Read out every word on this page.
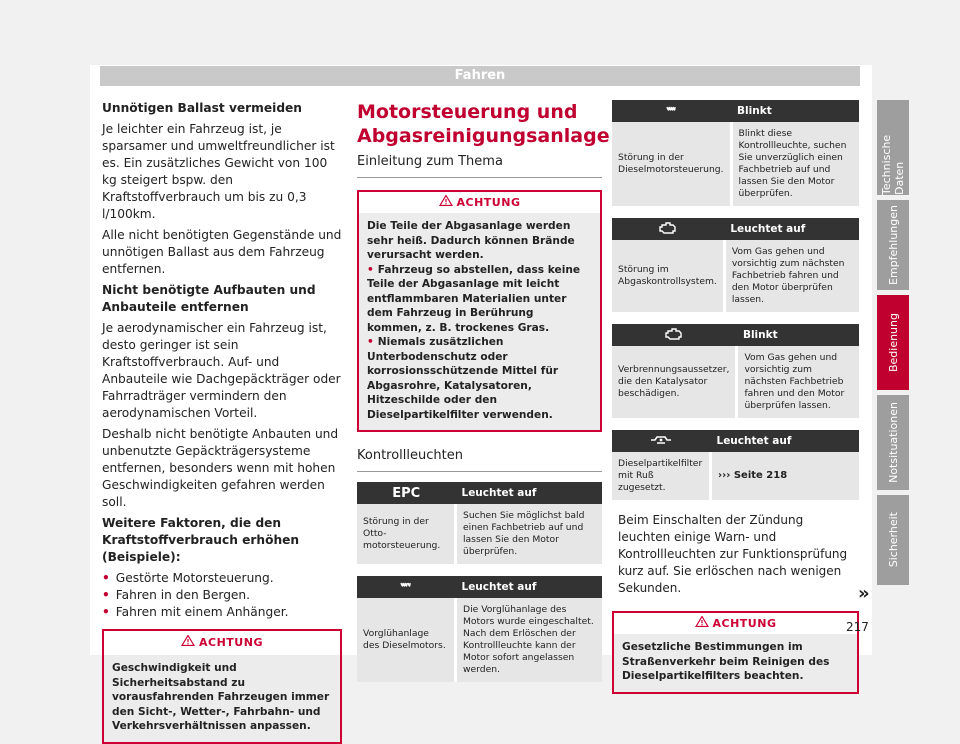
Fahren

Unnötigen Ballast vermeiden

Je leichter ein Fahrzeug ist, je sparsamer und umweltfreundlicher ist es. Ein zusätzliches Gewicht von 100 kg steigert bspw. den Kraftstoffverbrauch um bis zu 0,3 l/100km.

Alle nicht benötigten Gegenstände und unnötigen Ballast aus dem Fahrzeug entfernen.

Nicht benötigte Aufbauten und Anbauteile entfernen

Je aerodynamischer ein Fahrzeug ist, desto geringer ist sein Kraftstoffverbrauch. Auf- und Anbauteile wie Dachgepäckträger oder Fahrradträger vermindern den aerodynamischen Vorteil.

Deshalb nicht benötigte Anbauten und unbenutzte Gepäckträgersysteme entfernen, besonders wenn mit hohen Geschwindigkeiten gefahren werden soll.

Weitere Faktoren, die den Kraftstoffverbrauch erhöhen (Beispiele):

• Gestörte Motorsteuerung.
• Fahren in den Bergen.
• Fahren mit einem Anhänger.
ACHTUNG
Geschwindigkeit und Sicherheitsabstand zu vorausfahrenden Fahrzeugen immer den Sicht-, Wetter-, Fahrbahn- und Verkehrsverhältnissen anpassen.
Motorsteuerung und Abgasreinigungsanlage
Einleitung zum Thema
ACHTUNG
Die Teile der Abgasanlage werden sehr heiß. Dadurch können Brände verursacht werden.
• Fahrzeug so abstellen, dass keine Teile der Abgasanlage mit leicht entflammbaren Materialien unter dem Fahrzeug in Berührung kommen, z. B. trockenes Gras.
• Niemals zusätzlichen Unterbodenschutz oder korrosionsschützende Mittel für Abgasrohre, Katalysatoren, Hitzeschilde oder den Dieselpartikelfilter verwenden.
Kontrollleuchten
EPC	Leuchtet auf
Störung in der Otto-motorsteuerung.	Suchen Sie möglichst bald einen Fachbetrieb auf und lassen Sie den Motor überprüfen.
	Leuchtet auf
Vorglühanlage des Dieselmotors.	Die Vorglühanlage des Motors wurde eingeschaltet. Nach dem Erlöschen der Kontrollleuchte kann der Motor sofort angelassen werden.
	Blinkt
Störung in der Dieselmotorsteuerung.	Blinkt diese Kontrollleuchte, suchen Sie unverzüglich einen Fachbetrieb auf und lassen Sie den Motor überprüfen.
	Leuchtet auf
Störung im Abgaskontrollsystem.	Vom Gas gehen und vorsichtig zum nächsten Fachbetrieb fahren und den Motor überprüfen lassen.
	Blinkt
Verbrennungsaussetzer, die den Katalysator beschädigen.	Vom Gas gehen und vorsichtig zum nächsten Fachbetrieb fahren und den Motor überprüfen lassen.
	Leuchtet auf
Dieselpartikelfilter mit Ruß zugesetzt.	››› Seite 218
Beim Einschalten der Zündung leuchten einige Warn- und Kontrollleuchten zur Funktionsprüfung kurz auf. Sie erlöschen nach wenigen Sekunden.
ACHTUNG
Gesetzliche Bestimmungen im Straßenverkehr beim Reinigen des Dieselpartikelfilters beachten.
»
Technische Daten
Empfehlungen
Bedienung
Notsituationen
Sicherheit
217
